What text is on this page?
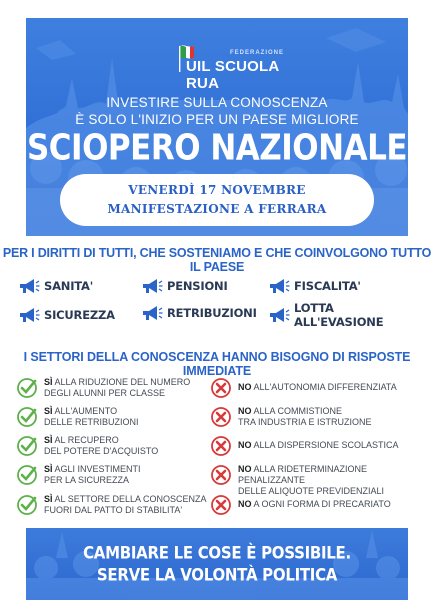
FEDERAZIONE
UIL SCUOLA RUA
INVESTIRE SULLA CONOSCENZA
È SOLO L'INIZIO PER UN PAESE MIGLIORE
SCIOPERO NAZIONALE
VENERDÌ 17 NOVEMBRE
MANIFESTAZIONE A FERRARA
PER I DIRITTI DI TUTTI, CHE SOSTENIAMO E CHE COINVOLGONO TUTTO IL PAESE
SANITA'	PENSIONI	FISCALITA'
SICUREZZA	RETRIBUZIONI	LOTTA ALL'EVASIONE
I SETTORI DELLA CONOSCENZA HANNO BISOGNO DI RISPOSTE IMMEDIATE
SÌ ALLA RIDUZIONE DEL NUMERO
DEGLI ALUNNI PER CLASSE
SÌ ALL'AUMENTO
DELLE RETRIBUZIONI
SÌ AL RECUPERO
DEL POTERE D'ACQUISTO
SÌ AGLI INVESTIMENTI
PER LA SICUREZZA
SÌ AL SETTORE DELLA CONOSCENZA
FUORI DAL PATTO DI STABILITA'
NO ALL'AUTONOMIA DIFFERENZIATA
NO ALLA COMMISTIONE
TRA INDUSTRIA E ISTRUZIONE
NO ALLA DISPERSIONE SCOLASTICA
NO ALLA RIDETERMINAZIONE PENALIZZANTE
DELLE ALIQUOTE PREVIDENZIALI
NO A OGNI FORMA DI PRECARIATO
CAMBIARE LE COSE È POSSIBILE.
SERVE LA VOLONTÀ POLITICA
